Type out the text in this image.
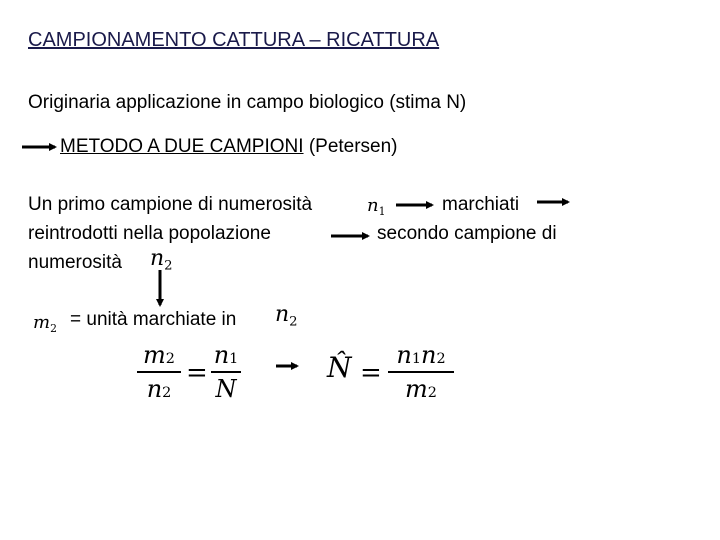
CAMPIONAMENTO CATTURA – RICATTURA
Originaria applicazione in campo biologico (stima N)
METODO A DUE CAMPIONI (Petersen)
Un primo campione di numerosità	$n_1$	marchiati
reintrodotti nella popolazione	secondo campione di
numerosità $n_2$
$m_2$ = unità marchiate in $n_2$
m2
n2
=
n1
N
N̂ =
n1n2
m2
